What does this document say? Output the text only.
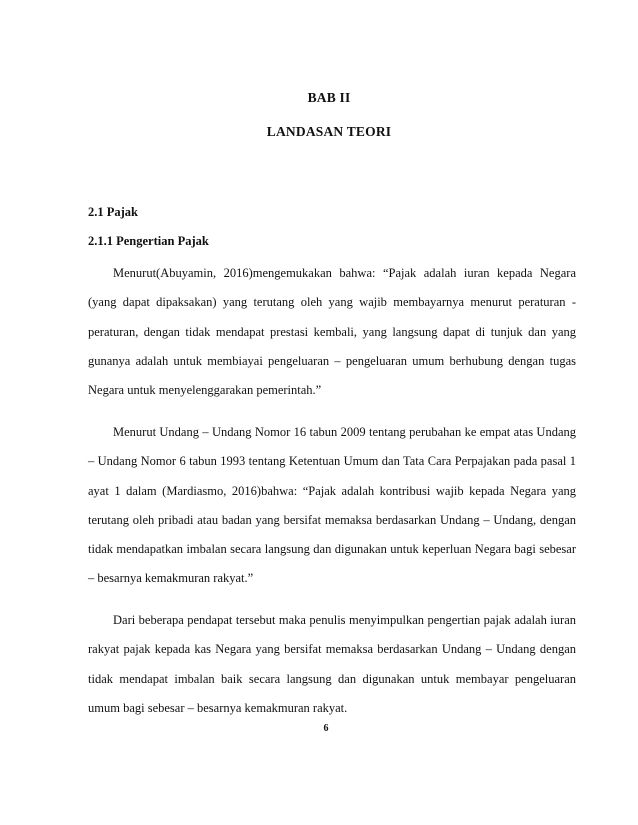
BAB II
LANDASAN TEORI
2.1 Pajak
2.1.1 Pengertian Pajak

Menurut(Abuyamin, 2016)mengemukakan bahwa: “Pajak adalah iuran kepada Negara (yang dapat dipaksakan) yang terutang oleh yang wajib membayarnya menurut peraturan - peraturan, dengan tidak mendapat prestasi kembali, yang langsung dapat di tunjuk dan yang gunanya adalah untuk membiayai pengeluaran – pengeluaran umum berhubung dengan tugas Negara untuk menyelenggarakan pemerintah.”

Menurut Undang – Undang Nomor 16 tabun 2009 tentang perubahan ke empat atas Undang – Undang Nomor 6 tabun 1993 tentang Ketentuan Umum dan Tata Cara Perpajakan pada pasal 1 ayat 1 dalam (Mardiasmo, 2016)bahwa: “Pajak adalah kontribusi wajib kepada Negara yang terutang oleh pribadi atau badan yang bersifat memaksa berdasarkan Undang – Undang, dengan tidak mendapatkan imbalan secara langsung dan digunakan untuk keperluan Negara bagi sebesar – besarnya kemakmuran rakyat.”

Dari beberapa pendapat tersebut maka penulis menyimpulkan pengertian pajak adalah iuran rakyat pajak kepada kas Negara yang bersifat memaksa berdasarkan Undang – Undang dengan tidak mendapat imbalan baik secara langsung dan digunakan untuk membayar pengeluaran umum bagi sebesar – besarnya kemakmuran rakyat.

6
